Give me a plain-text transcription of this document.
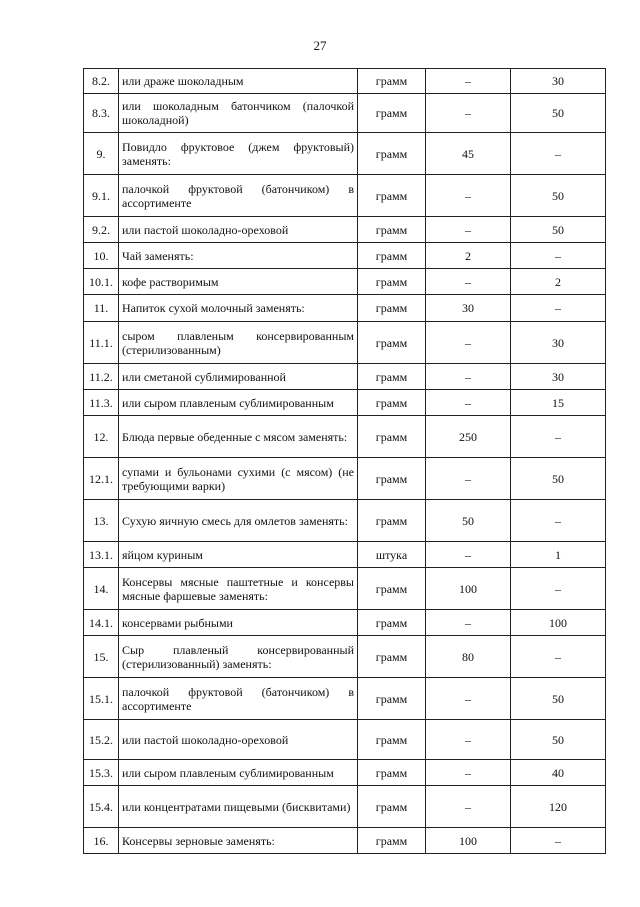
27
8.2.	или драже шоколадным	грамм	–	30
8.3.	или шоколадным батончиком (палочкой шоколадной)	грамм	–	50
9.	Повидло фруктовое (джем фруктовый) заменять:	грамм	45	–
9.1.	палочкой фруктовой (батончиком) в ассортименте	грамм	–	50
9.2.	или пастой шоколадно-ореховой	грамм	–	50
10.	Чай заменять:	грамм	2	–
10.1.	кофе растворимым	грамм	–	2
11.	Напиток сухой молочный заменять:	грамм	30	–
11.1.	сыром плавленым консервированным (стерилизованным)	грамм	–	30
11.2.	или сметаной сублимированной	грамм	–	30
11.3.	или сыром плавленым сублимированным	грамм	–	15
12.	Блюда первые обеденные с мясом заменять:	грамм	250	–
12.1.	супами и бульонами сухими (с мясом) (не требующими варки)	грамм	–	50
13.	Сухую яичную смесь для омлетов заменять:	грамм	50	–
13.1.	яйцом куриным	штука	–	1
14.	Консервы мясные паштетные и консервы мясные фаршевые заменять:	грамм	100	–
14.1.	консервами рыбными	грамм	–	100
15.	Сыр плавленый консервированный (стерилизованный) заменять:	грамм	80	–
15.1.	палочкой фруктовой (батончиком) в ассортименте	грамм	–	50
15.2.	или пастой шоколадно-ореховой	грамм	–	50
15.3.	или сыром плавленым сублимированным	грамм	–	40
15.4.	или концентратами пищевыми (бисквитами)	грамм	–	120
16.	Консервы зерновые заменять:	грамм	100	–
